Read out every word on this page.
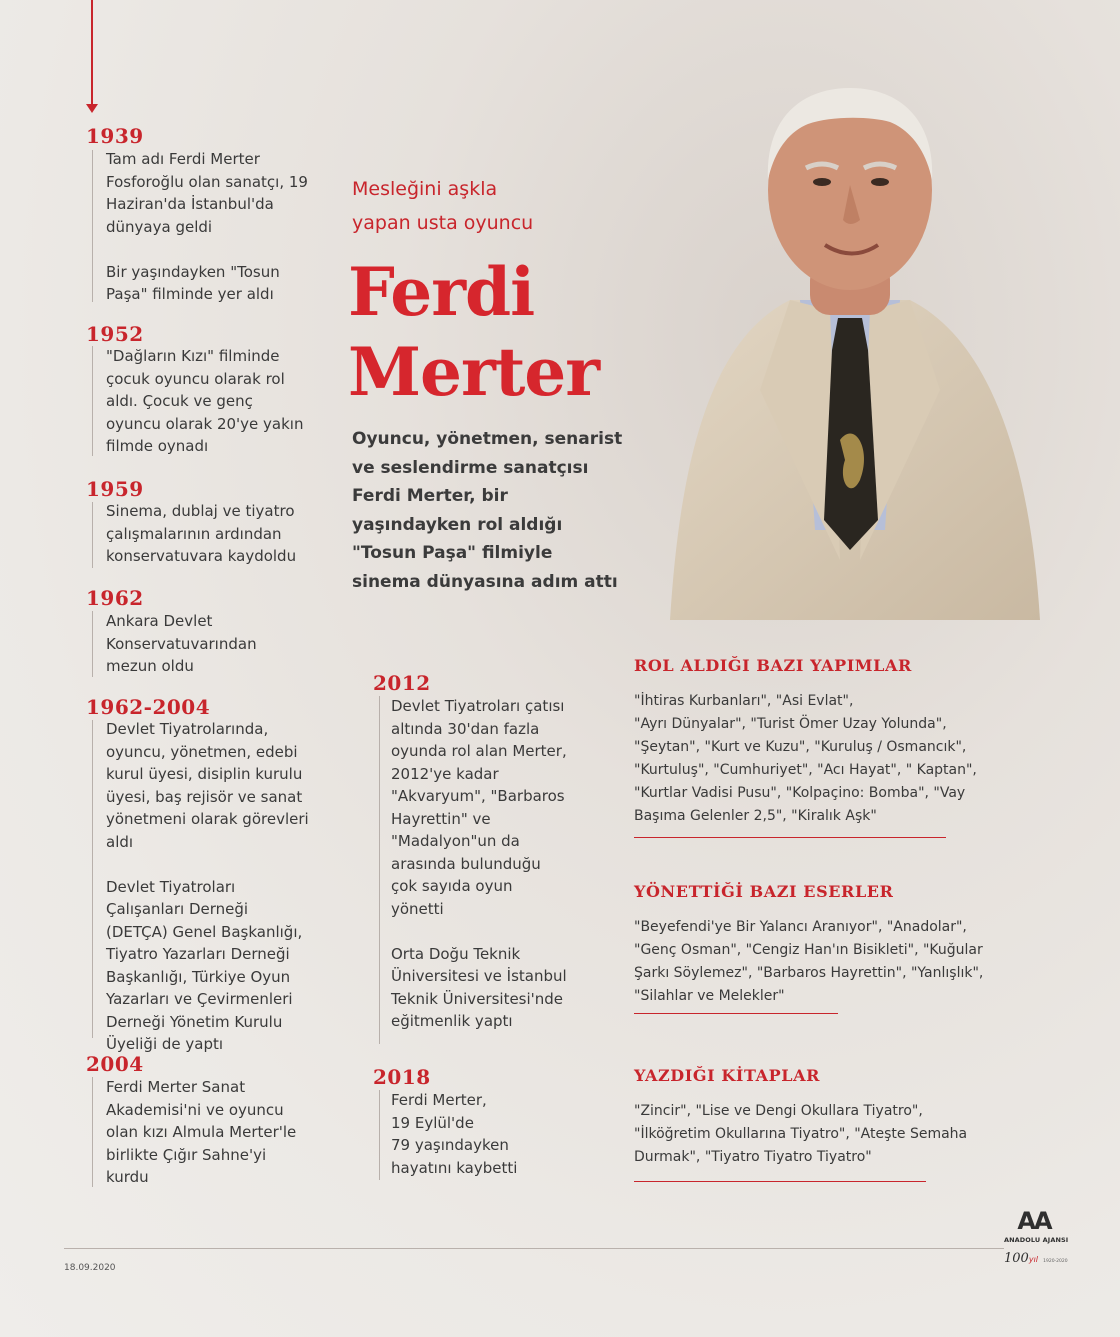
1939
Tam adı Ferdi Merter
Fosforoğlu olan sanatçı, 19
Haziran'da İstanbul'da
dünyaya geldi

Bir yaşındayken "Tosun
Paşa" filminde yer aldı
1952
"Dağların Kızı" filminde
çocuk oyuncu olarak rol
aldı. Çocuk ve genç
oyuncu olarak 20'ye yakın
filmde oynadı
1959
Sinema, dublaj ve tiyatro
çalışmalarının ardından
konservatuvara kaydoldu
1962
Ankara Devlet
Konservatuvarından
mezun oldu
1962-2004
Devlet Tiyatrolarında,
oyuncu, yönetmen, edebi
kurul üyesi, disiplin kurulu
üyesi, baş rejisör ve sanat
yönetmeni olarak görevleri
aldı

Devlet Tiyatroları
Çalışanları Derneği
(DETÇA) Genel Başkanlığı,
Tiyatro Yazarları Derneği
Başkanlığı, Türkiye Oyun
Yazarları ve Çevirmenleri
Derneği Yönetim Kurulu
Üyeliği de yaptı
2004
Ferdi Merter Sanat
Akademisi'ni ve oyuncu
olan kızı Almula Merter'le
birlikte Çığır Sahne'yi
kurdu
Mesleğini aşkla
yapan usta oyuncu
Ferdi
Merter
Oyuncu, yönetmen, senarist
ve seslendirme sanatçısı
Ferdi Merter, bir
yaşındayken rol aldığı
"Tosun Paşa" filmiyle
sinema dünyasına adım attı
2012
Devlet Tiyatroları çatısı
altında 30'dan fazla
oyunda rol alan Merter,
2012'ye kadar
"Akvaryum", "Barbaros
Hayrettin" ve
"Madalyon"un da
arasında bulunduğu
çok sayıda oyun
yönetti

Orta Doğu Teknik
Üniversitesi ve İstanbul
Teknik Üniversitesi'nde
eğitmenlik yaptı
2018
Ferdi Merter,
19 Eylül'de
79 yaşındayken
hayatını kaybetti
ROL ALDIĞI BAZI YAPIMLAR
"İhtiras Kurbanları", "Asi Evlat",
"Ayrı Dünyalar", "Turist Ömer Uzay Yolunda",
"Şeytan", "Kurt ve Kuzu", "Kuruluş / Osmancık",
"Kurtuluş", "Cumhuriyet", "Acı Hayat", " Kaptan",
"Kurtlar Vadisi Pusu", "Kolpaçino: Bomba", "Vay
Başıma Gelenler 2,5", "Kiralık Aşk"
YÖNETTİĞİ BAZI ESERLER
"Beyefendi'ye Bir Yalancı Aranıyor", "Anadolar",
"Genç Osman", "Cengiz Han'ın Bisikleti", "Kuğular
Şarkı Söylemez", "Barbaros Hayrettin", "Yanlışlık",
"Silahlar ve Melekler"
YAZDIĞI KİTAPLAR
"Zincir", "Lise ve Dengi Okullara Tiyatro",
"İlköğretim Okullarına Tiyatro", "Ateşte Semaha
Durmak", "Tiyatro Tiyatro Tiyatro"
18.09.2020
AA
ANADOLU AJANSI
100yıl 1920-2020
